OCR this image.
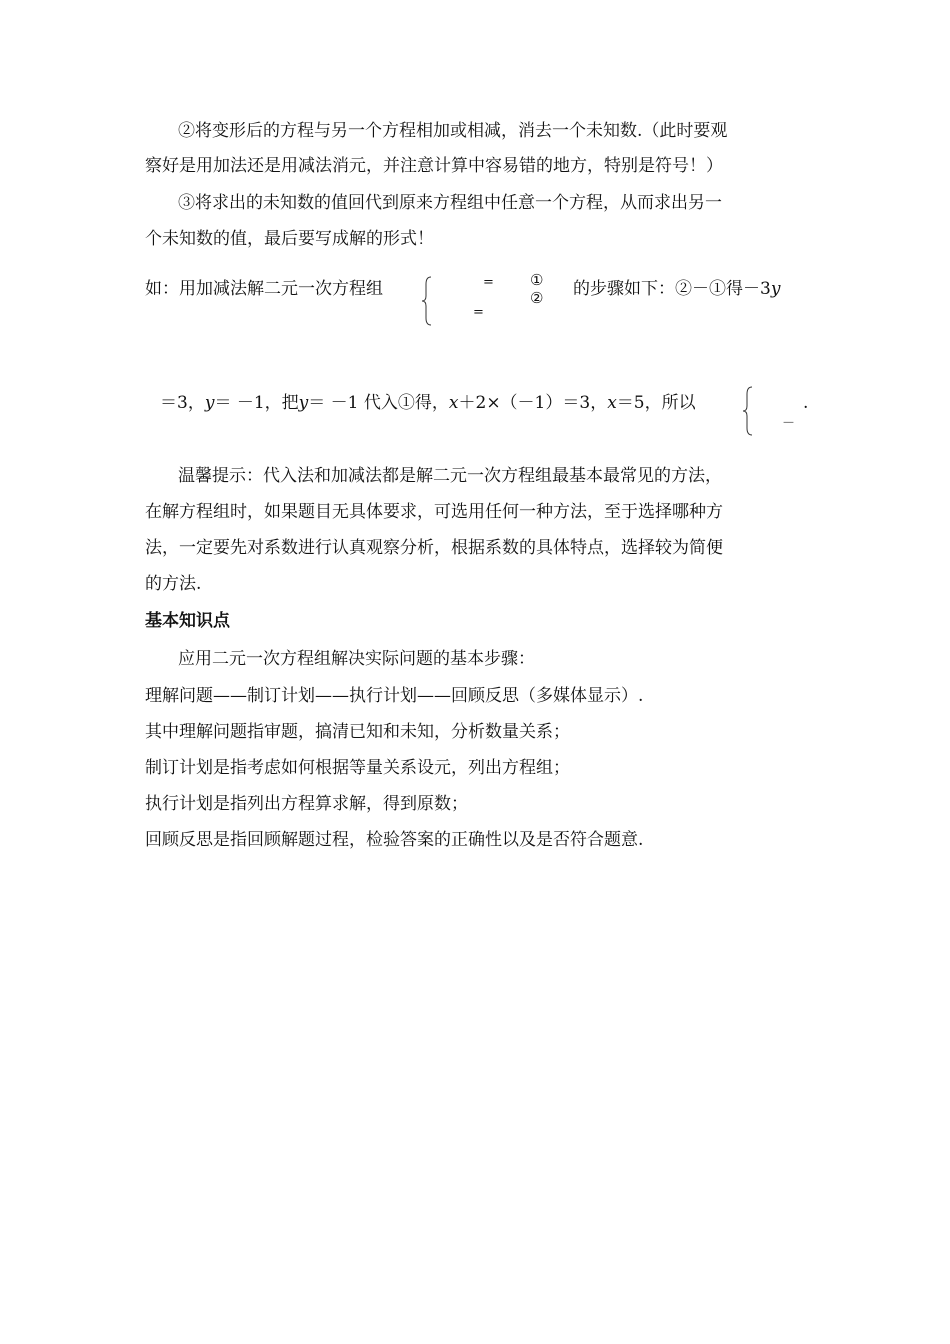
②将变形后的方程与另一个方程相加或相减，消去一个未知数.（此时要观
察好是用加法还是用减法消元，并注意计算中容易错的地方，特别是符号！）
③将求出的未知数的值回代到原来方程组中任意一个方程，从而求出另一
个未知数的值，最后要写成解的形式！
如：用加减法解二元一次方程组	=
=
①
② 的步骤如下：②－①得－3y
＝3，y＝ －1，把y＝ －1 代入①得，x＋2×（－1）＝3，x＝5，所以
－
.
温馨提示：代入法和加减法都是解二元一次方程组最基本最常见的方法，
在解方程组时，如果题目无具体要求，可选用任何一种方法，至于选择哪种方
法，一定要先对系数进行认真观察分析，根据系数的具体特点，选择较为简便
的方法.
基本知识点
应用二元一次方程组解决实际问题的基本步骤：
理解问题——制订计划——执行计划——回顾反思（多媒体显示）.
其中理解问题指审题，搞清已知和未知，分析数量关系；
制订计划是指考虑如何根据等量关系设元，列出方程组；
执行计划是指列出方程算求解，得到原数；
回顾反思是指回顾解题过程，检验答案的正确性以及是否符合题意.
